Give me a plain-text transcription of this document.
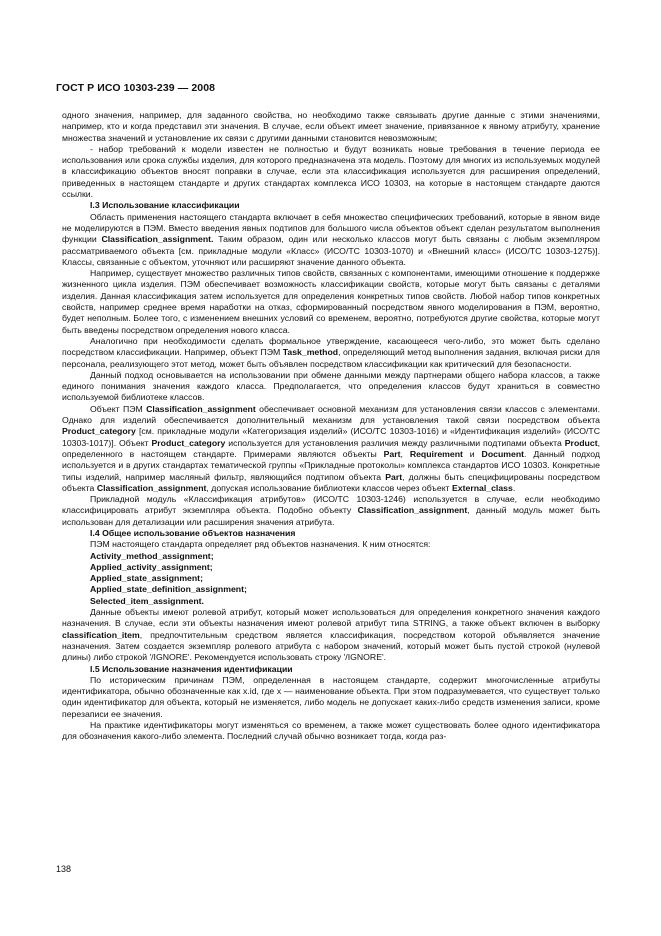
ГОСТ Р ИСО 10303-239 — 2008

одного значения, например, для заданного свойства, но необходимо также связывать другие данные с этими значениями, например, кто и когда представил эти значения. В случае, если объект имеет значение, привязанное к явному атрибуту, хранение множества значений и установление их связи с другими данными становится невозможным;

- набор требований к модели известен не полностью и будут возникать новые требования в течение периода ее использования или срока службы изделия, для которого предназначена эта модель. Поэтому для многих из используемых модулей в классификацию объектов вносят поправки в случае, если эта классификация используется для расширения определений, приведенных в настоящем стандарте и других стандартах комплекса ИСО 10303, на которые в настоящем стандарте даются ссылки.

I.3 Использование классификации

Область применения настоящего стандарта включает в себя множество специфических требований, которые в явном виде не моделируются в ПЭМ. Вместо введения явных подтипов для большого числа объектов объект сделан результатом выполнения функции Classification_assignment. Таким образом, один или несколько классов могут быть связаны с любым экземпляром рассматриваемого объекта [см. прикладные модули «Класс» (ИСО/ТС 10303-1070) и «Внешний класс» (ИСО/ТС 10303-1275)]. Классы, связанные с объектом, уточняют или расширяют значение данного объекта.

Например, существует множество различных типов свойств, связанных с компонентами, имеющими отношение к поддержке жизненного цикла изделия. ПЭМ обеспечивает возможность классификации свойств, которые могут быть связаны с деталями изделия. Данная классификация затем используется для определения конкретных типов свойств. Любой набор типов конкретных свойств, например среднее время наработки на отказ, сформированный посредством явного моделирования в ПЭМ, вероятно, будет неполным. Более того, с изменением внешних условий со временем, вероятно, потребуются другие свойства, которые могут быть введены посредством определения нового класса.

Аналогично при необходимости сделать формальное утверждение, касающееся чего-либо, это может быть сделано посредством классификации. Например, объект ПЭМ Task_method, определяющий метод выполнения задания, включая риски для персонала, реализующего этот метод, может быть объявлен посредством классификации как критический для безопасности.

Данный подход основывается на использовании при обмене данными между партнерами общего набора классов, а также единого понимания значения каждого класса. Предполагается, что определения классов будут храниться в совместно используемой библиотеке классов.

Объект ПЭМ Classification_assignment обеспечивает основной механизм для установления связи классов с элементами. Однако для изделий обеспечивается дополнительный механизм для установления такой связи посредством объекта Product_category [см. прикладные модули «Категоризация изделий» (ИСО/ТС 10303-1016) и «Идентификация изделий» (ИСО/ТС 10303-1017)]. Объект Product_category используется для установления различия между различными подтипами объекта Product, определенного в настоящем стандарте. Примерами являются объекты Part, Requirement и Document. Данный подход используется и в других стандартах тематической группы «Прикладные протоколы» комплекса стандартов ИСО 10303. Конкретные типы изделий, например масляный фильтр, являющийся подтипом объекта Part, должны быть специфицированы посредством объекта Classification_assignment, допуская использование библиотеки классов через объект External_class.

Прикладной модуль «Классификация атрибутов» (ИСО/ТС 10303-1246) используется в случае, если необходимо классифицировать атрибут экземпляра объекта. Подобно объекту Classification_assignment, данный модуль может быть использован для детализации или расширения значения атрибута.

I.4 Общее использование объектов назначения

ПЭМ настоящего стандарта определяет ряд объектов назначения. К ним относятся:

Activity_method_assignment;

Applied_activity_assignment;

Applied_state_assignment;

Applied_state_definition_assignment;

Selected_item_assignment.

Данные объекты имеют ролевой атрибут, который может использоваться для определения конкретного значения каждого назначения. В случае, если эти объекты назначения имеют ролевой атрибут типа STRING, а также объект включен в выборку classification_item, предпочтительным средством является классификация, посредством которой объявляется значение назначения. Затем создается экземпляр ролевого атрибута с набором значений, который может быть пустой строкой (нулевой длины) либо строкой '/IGNORE'. Рекомендуется использовать строку '/IGNORE'.

I.5 Использование назначения идентификации

По историческим причинам ПЭМ, определенная в настоящем стандарте, содержит многочисленные атрибуты идентификатора, обычно обозначенные как x.id, где x — наименование объекта. При этом подразумевается, что существует только один идентификатор для объекта, который не изменяется, либо модель не допускает каких-либо средств изменения записи, кроме перезаписи ее значения.

На практике идентификаторы могут изменяться со временем, а также может существовать более одного идентификатора для обозначения какого-либо элемента. Последний случай обычно возникает тогда, когда раз-

138
